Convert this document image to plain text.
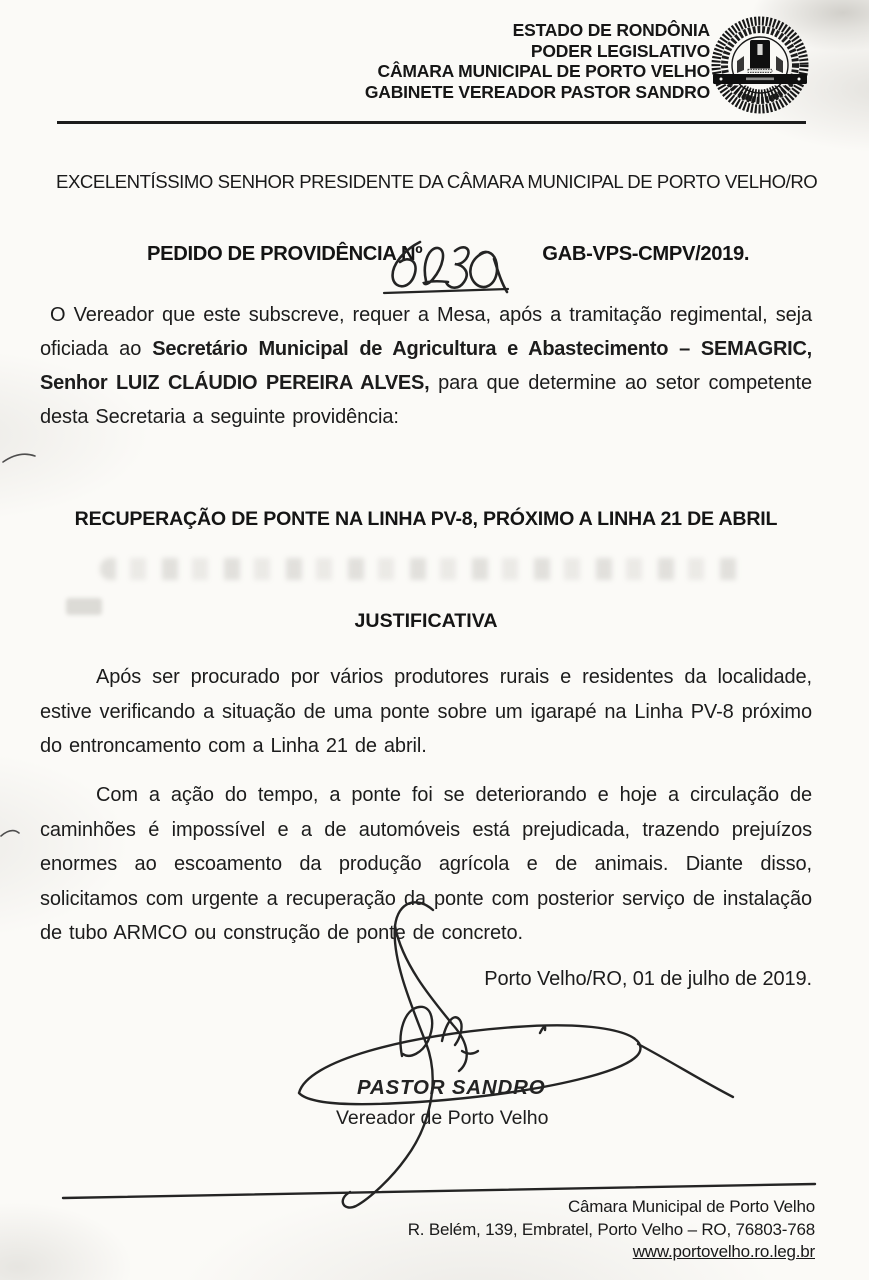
ESTADO DE RONDÔNIA
PODER LEGISLATIVO
CÂMARA MUNICIPAL DE PORTO VELHO
GABINETE VEREADOR PASTOR SANDRO
EXCELENTÍSSIMO SENHOR PRESIDENTE DA CÂMARA MUNICIPAL DE PORTO VELHO/RO
PEDIDO DE PROVIDÊNCIA Nº	GAB-VPS-CMPV/2019.
O Vereador que este subscreve, requer a Mesa, após a tramitação regimental, seja oficiada ao Secretário Municipal de Agricultura e Abastecimento – SEMAGRIC, Senhor LUIZ CLÁUDIO PEREIRA ALVES, para que determine ao setor competente desta Secretaria a seguinte providência:
RECUPERAÇÃO DE PONTE NA LINHA PV-8, PRÓXIMO A LINHA 21 DE ABRIL
JUSTIFICATIVA
Após ser procurado por vários produtores rurais e residentes da localidade, estive verificando a situação de uma ponte sobre um igarapé na Linha PV-8 próximo do entroncamento com a Linha 21 de abril.
Com a ação do tempo, a ponte foi se deteriorando e hoje a circulação de caminhões é impossível e a de automóveis está prejudicada, trazendo prejuízos enormes ao escoamento da produção agrícola e de animais. Diante disso, solicitamos com urgente a recuperação da ponte com posterior serviço de instalação de tubo ARMCO ou construção de ponte de concreto.
Porto Velho/RO, 01 de julho de 2019.
PASTOR SANDRO
Vereador de Porto Velho
Câmara Municipal de Porto Velho
R. Belém, 139, Embratel, Porto Velho – RO, 76803-768
www.portovelho.ro.leg.br
